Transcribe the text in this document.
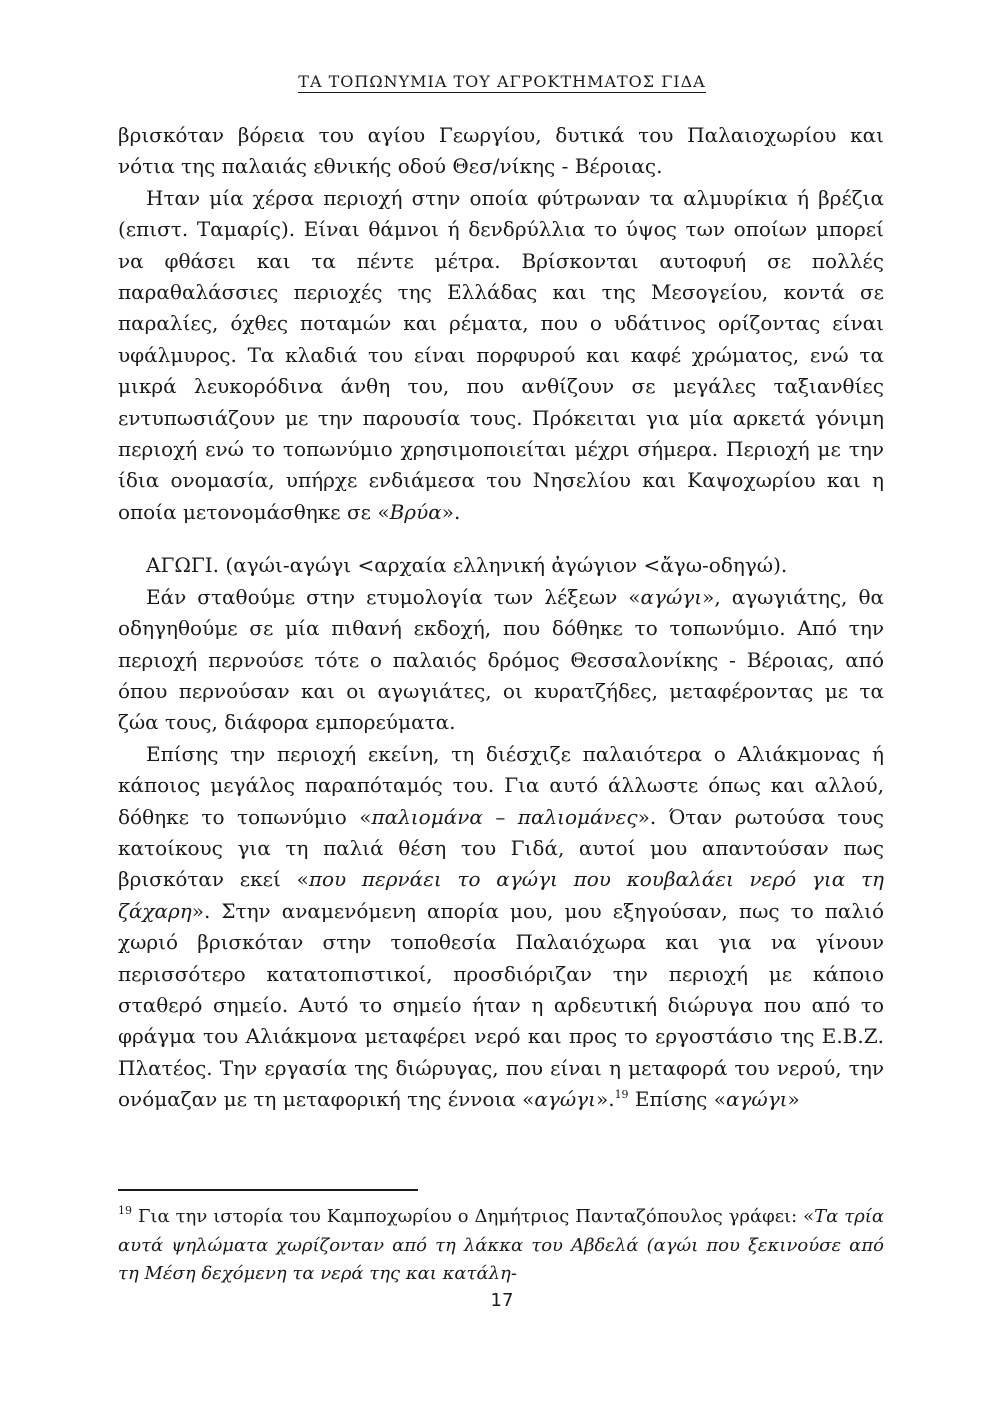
ΤΑ ΤΟΠΩΝΥΜΙΑ ΤΟΥ ΑΓΡΟΚΤΗΜΑΤΟΣ ΓΙΔΑ

βρισκόταν βόρεια του αγίου Γεωργίου, δυτικά του Παλαιοχωρίου και νότια της παλαιάς εθνικής οδού Θεσ/νίκης - Βέροιας.

Ηταν μία χέρσα περιοχή στην οποία φύτρωναν τα αλμυρίκια ή βρέζια (επιστ. Ταμαρίς). Είναι θάμνοι ή δενδρύλλια το ύψος των οποίων μπορεί να φθάσει και τα πέντε μέτρα. Βρίσκονται αυτοφυή σε πολλές παραθαλάσσιες περιοχές της Ελλάδας και της Μεσογείου, κοντά σε παραλίες, όχθες ποταμών και ρέματα, που ο υδάτινος ορίζοντας είναι υφάλμυρος. Τα κλαδιά του είναι πορφυρού και καφέ χρώματος, ενώ τα μικρά λευκορόδινα άνθη του, που ανθίζουν σε μεγάλες ταξιανθίες εντυπωσιάζουν με την παρουσία τους. Πρόκειται για μία αρκετά γόνιμη περιοχή ενώ το τοπωνύμιο χρησιμοποιείται μέχρι σήμερα. Περιοχή με την ίδια ονομασία, υπήρχε ενδιάμεσα του Νησελίου και Καψοχωρίου και η οποία μετονομάσθηκε σε «Βρύα».

ΑΓΩΓΙ. (αγώι-αγώγι <αρχαία ελληνική ἀγώγιον <ἄγω-οδηγώ).

Εάν σταθούμε στην ετυμολογία των λέξεων «αγώγι», αγωγιάτης, θα οδηγηθούμε σε μία πιθανή εκδοχή, που δόθηκε το τοπωνύμιο. Από την περιοχή περνούσε τότε ο παλαιός δρόμος Θεσσαλονίκης - Βέροιας, από όπου περνούσαν και οι αγωγιάτες, οι κυρατζήδες, μεταφέροντας με τα ζώα τους, διάφορα εμπορεύματα.

Επίσης την περιοχή εκείνη, τη διέσχιζε παλαιότερα ο Αλιάκμονας ή κάποιος μεγάλος παραπόταμός του. Για αυτό άλλωστε όπως και αλλού, δόθηκε το τοπωνύμιο «παλιομάνα – παλιομάνες». Όταν ρωτούσα τους κατοίκους για τη παλιά θέση του Γιδά, αυτοί μου απαντούσαν πως βρισκόταν εκεί «που περνάει το αγώγι που κουβαλάει νερό για τη ζάχαρη». Στην αναμενόμενη απορία μου, μου εξηγούσαν, πως το παλιό χωριό βρισκόταν στην τοποθεσία Παλαιόχωρα και για να γίνουν περισσότερο κατατοπιστικοί, προσδιόριζαν την περιοχή με κάποιο σταθερό σημείο. Αυτό το σημείο ήταν η αρδευτική διώρυγα που από το φράγμα του Αλιάκμονα μεταφέρει νερό και προς το εργοστάσιο της Ε.Β.Ζ. Πλατέος. Την εργασία της διώρυγας, που είναι η μεταφορά του νερού, την ονόμαζαν με τη μεταφορική της έννοια «αγώγι».$^{19}$ Επίσης «αγώγι»

$^{19}$ Για την ιστορία του Καμποχωρίου ο Δημήτριος Πανταζόπουλος γράφει: «Τα τρία αυτά ψηλώματα χωρίζονταν από τη λάκκα του Αβδελά (αγώι που ξεκινούσε από τη Μέση δεχόμενη τα νερά της και κατάλη-

17
